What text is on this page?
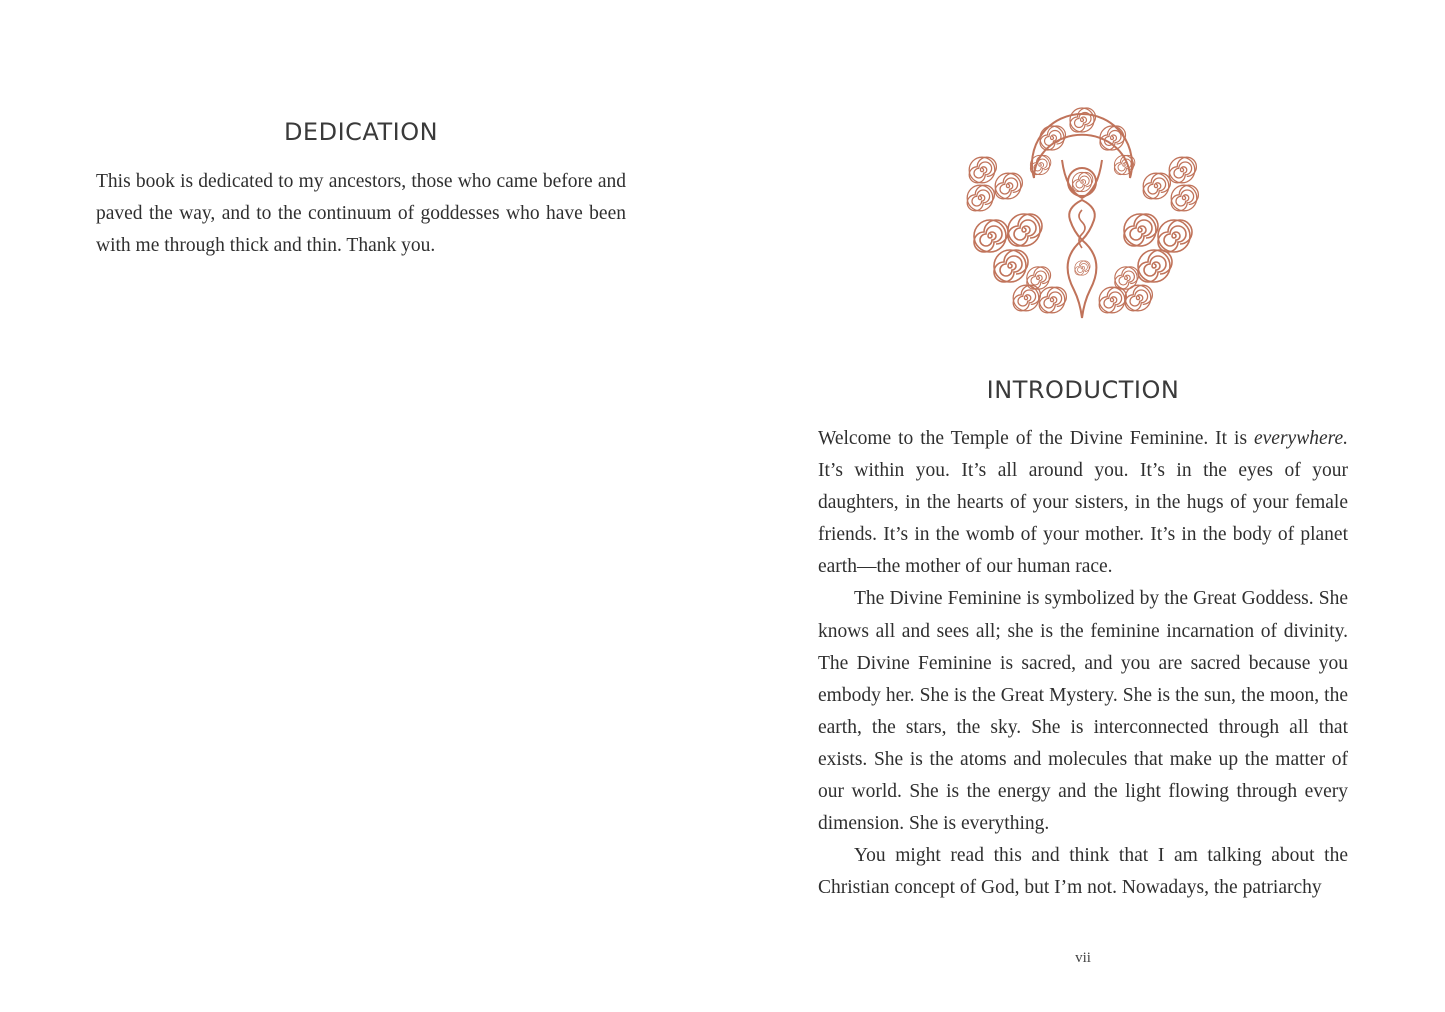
DEDICATION

This book is dedicated to my ancestors, those who came before and paved the way, and to the continuum of goddesses who have been with me through thick and thin. Thank you.

INTRODUCTION

Welcome to the Temple of the Divine Feminine. It is everywhere. It’s within you. It’s all around you. It’s in the eyes of your daughters, in the hearts of your sisters, in the hugs of your female friends. It’s in the womb of your mother. It’s in the body of planet earth—the mother of our human race.

The Divine Feminine is symbolized by the Great Goddess. She knows all and sees all; she is the feminine incarnation of divinity. The Divine Feminine is sacred, and you are sacred because you embody her. She is the Great Mystery. She is the sun, the moon, the earth, the stars, the sky. She is interconnected through all that exists. She is the atoms and molecules that make up the matter of our world. She is the energy and the light flowing through every dimension. She is everything.

You might read this and think that I am talking about the Christian concept of God, but I’m not. Nowadays, the patriarchy

vii
